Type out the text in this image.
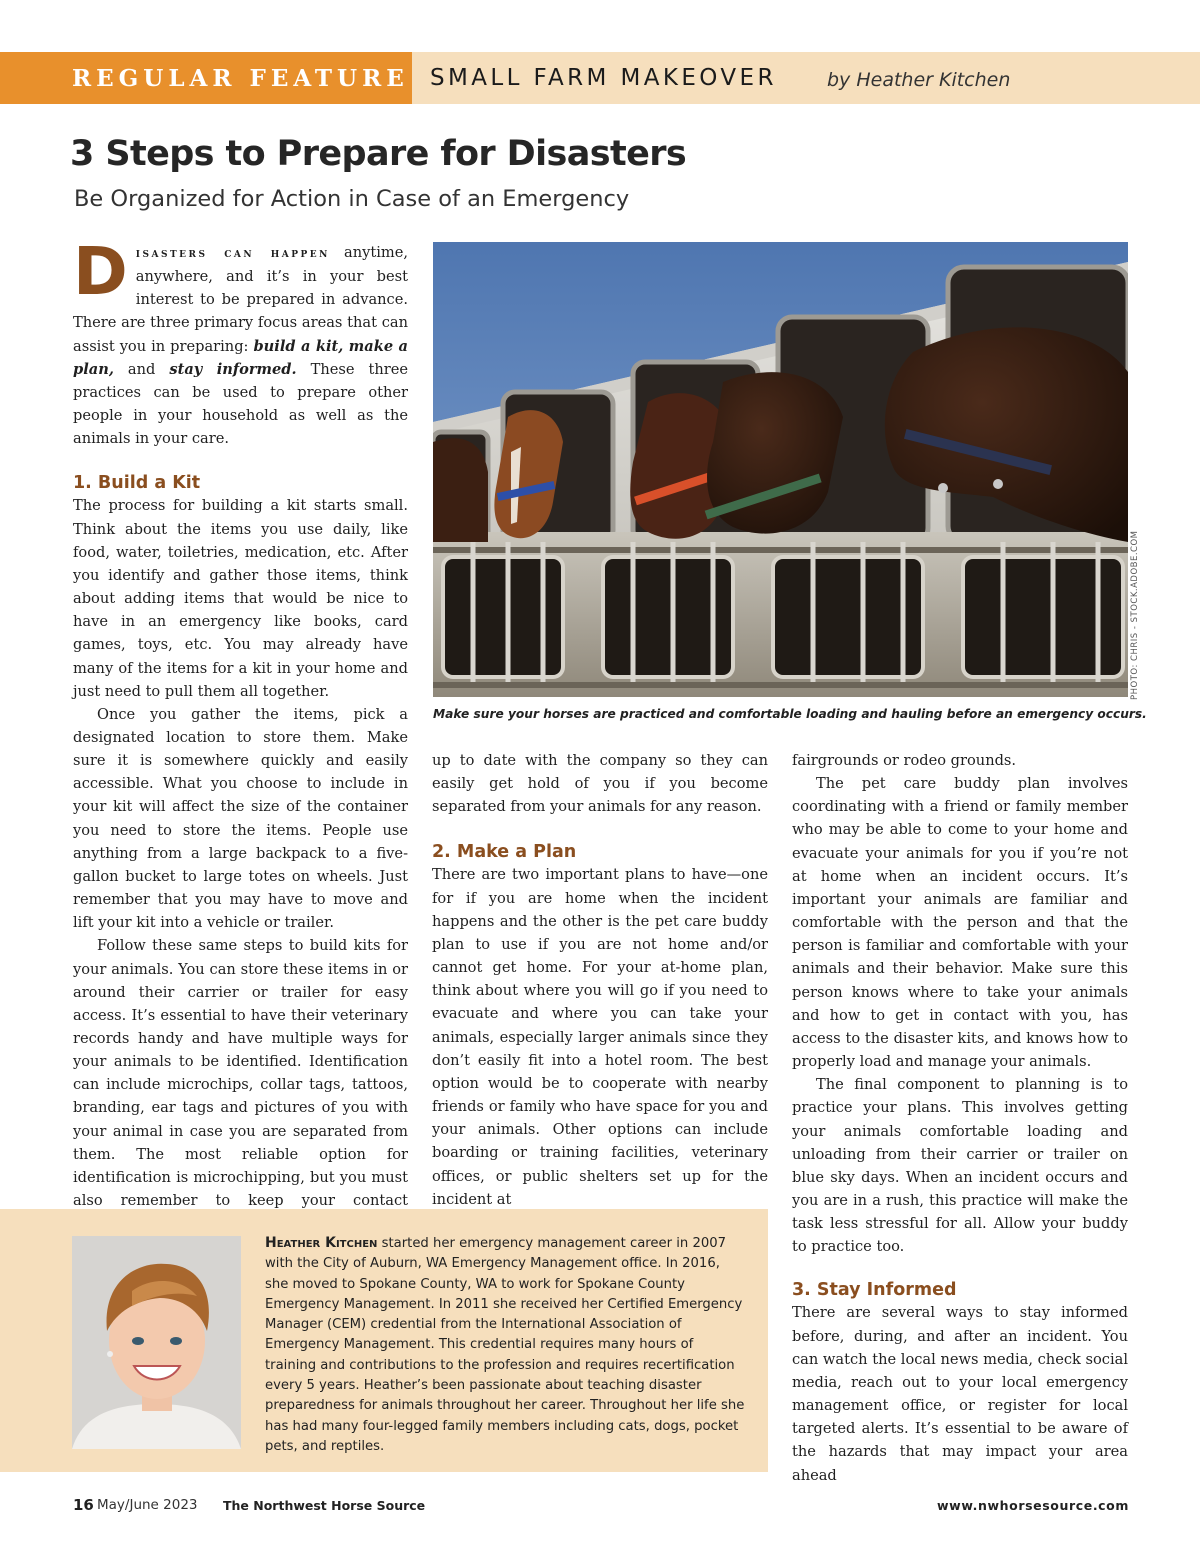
REGULAR FEATURE SMALL FARM MAKEOVER	by Heather Kitchen
3 Steps to Prepare for Disasters
Be Organized for Action in Case of an Emergency

Disasters can happen anytime, anywhere, and it’s in your best interest to be prepared in advance. There are three primary focus areas that can assist you in preparing: build a kit, make a plan, and stay informed. These three practices can be used to prepare other people in your household as well as the animals in your care.

1. Build a Kit

The process for building a kit starts small. Think about the items you use daily, like food, water, toiletries, medication, etc. After you identify and gather those items, think about adding items that would be nice to have in an emergency like books, card games, toys, etc. You may already have many of the items for a kit in your home and just need to pull them all together.

Once you gather the items, pick a designated location to store them. Make sure it is somewhere quickly and easily accessible. What you choose to include in your kit will affect the size of the container you need to store the items. People use anything from a large backpack to a five-gallon bucket to large totes on wheels. Just remember that you may have to move and lift your kit into a vehicle or trailer.

Follow these same steps to build kits for your animals. You can store these items in or around their carrier or trailer for easy access. It’s essential to have their veterinary records handy and have multiple ways for your animals to be identified. Identification can include microchips, collar tags, tattoos, branding, ear tags and pictures of you with your animal in case you are separated from them. The most reliable option for identification is microchipping, but you must also remember to keep your contact

PHOTO: CHRIS - STOCK.ADOBE.COM
Make sure your horses are practiced and comfortable loading and hauling before an emergency occurs.

up to date with the company so they can easily get hold of you if you become separated from your animals for any reason.

2. Make a Plan

There are two important plans to have—one for if you are home when the incident happens and the other is the pet care buddy plan to use if you are not home and/or cannot get home. For your at-home plan, think about where you will go if you need to evacuate and where you can take your animals, especially larger animals since they don’t easily fit into a hotel room. The best option would be to cooperate with nearby friends or family who have space for you and your animals. Other options can include boarding or training facilities, veterinary offices, or public shelters set up for the incident at

fairgrounds or rodeo grounds.

The pet care buddy plan involves coordinating with a friend or family member who may be able to come to your home and evacuate your animals for you if you’re not at home when an incident occurs. It’s important your animals are familiar and comfortable with the person and that the person is familiar and comfortable with your animals and their behavior. Make sure this person knows where to take your animals and how to get in contact with you, has access to the disaster kits, and knows how to properly load and manage your animals.

The final component to planning is to practice your plans. This involves getting your animals comfortable loading and unloading from their carrier or trailer on blue sky days. When an incident occurs and you are in a rush, this practice will make the task less stressful for all. Allow your buddy to practice too.

3. Stay Informed

There are several ways to stay informed before, during, and after an incident. You can watch the local news media, check social media, reach out to your local emergency management office, or register for local targeted alerts. It’s essential to be aware of the hazards that may impact your area ahead

Heather Kitchen started her emergency management career in 2007 with the City of Auburn, WA Emergency Management office. In 2016, she moved to Spokane County, WA to work for Spokane County Emergency Management. In 2011 she received her Certified Emergency Manager (CEM) credential from the International Association of Emergency Management. This credential requires many hours of training and contributions to the profession and requires recertification every 5 years. Heather’s been passionate about teaching disaster preparedness for animals throughout her career. Throughout her life she has had many four-legged family members including cats, dogs, pocket pets, and reptiles.

16 May/June 2023 The Northwest Horse Source	www.nwhorsesource.com
